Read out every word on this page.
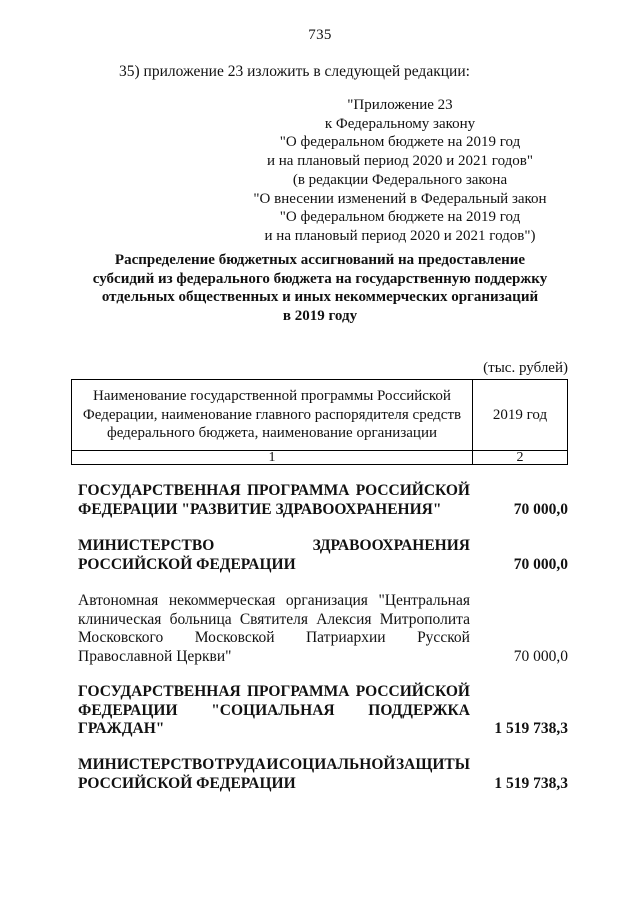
735
35) приложение 23 изложить в следующей редакции:
"Приложение 23
к Федеральному закону
"О федеральном бюджете на 2019 год
и на плановый период 2020 и 2021 годов"
(в редакции Федерального закона
"О внесении изменений в Федеральный закон
"О федеральном бюджете на 2019 год
и на плановый период 2020 и 2021 годов")
Распределение бюджетных ассигнований на предоставление
субсидий из федерального бюджета на государственную поддержку
отдельных общественных и иных некоммерческих организаций
в 2019 году
(тыс. рублей)
Наименование государственной программы Российской
Федерации, наименование главного распорядителя средств
федерального бюджета, наименование организации	2019 год
1	2
ГОСУДАРСТВЕННАЯ ПРОГРАММА РОССИЙСКОЙ
ФЕДЕРАЦИИ "РАЗВИТИЕ ЗДРАВООХРАНЕНИЯ"	70 000,0
МИНИСТЕРСТВО	ЗДРАВООХРАНЕНИЯ
РОССИЙСКОЙ ФЕДЕРАЦИИ	70 000,0
Автономная некоммерческая организация "Центральная
клиническая больница Святителя Алексия Митрополита
Московского Московской Патриархии Русской
Православной Церкви"	70 000,0
ГОСУДАРСТВЕННАЯ ПРОГРАММА РОССИЙСКОЙ
ФЕДЕРАЦИИ "СОЦИАЛЬНАЯ ПОДДЕРЖКА
ГРАЖДАН"	1 519 738,3
МИНИСТЕРСТВО ТРУДА И СОЦИАЛЬНОЙ ЗАЩИТЫ
РОССИЙСКОЙ ФЕДЕРАЦИИ	1 519 738,3
